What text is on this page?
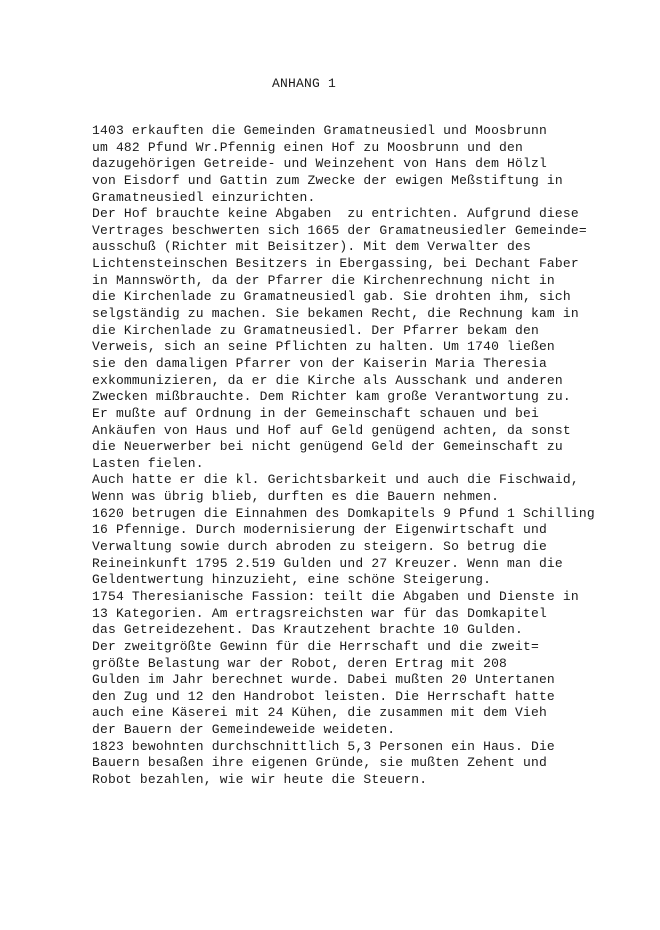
ANHANG 1
1403 erkauften die Gemeinden Gramatneusiedl und Moosbrunn
um 482 Pfund Wr.Pfennig einen Hof zu Moosbrunn und den
dazugehörigen Getreide- und Weinzehent von Hans dem Hölzl
von Eisdorf und Gattin zum Zwecke der ewigen Meßstiftung in
Gramatneusiedl einzurichten.
Der Hof brauchte keine Abgaben  zu entrichten. Aufgrund diese
Vertrages beschwerten sich 1665 der Gramatneusiedler Gemeinde=
ausschuß (Richter mit Beisitzer). Mit dem Verwalter des
Lichtensteinschen Besitzers in Ebergassing, bei Dechant Faber
in Mannswörth, da der Pfarrer die Kirchenrechnung nicht in
die Kirchenlade zu Gramatneusiedl gab. Sie drohten ihm, sich
selgständig zu machen. Sie bekamen Recht, die Rechnung kam in
die Kirchenlade zu Gramatneusiedl. Der Pfarrer bekam den
Verweis, sich an seine Pflichten zu halten. Um 1740 ließen
sie den damaligen Pfarrer von der Kaiserin Maria Theresia
exkommunizieren, da er die Kirche als Ausschank und anderen
Zwecken mißbrauchte. Dem Richter kam große Verantwortung zu.
Er mußte auf Ordnung in der Gemeinschaft schauen und bei
Ankäufen von Haus und Hof auf Geld genügend achten, da sonst
die Neuerwerber bei nicht genügend Geld der Gemeinschaft zu
Lasten fielen.
Auch hatte er die kl. Gerichtsbarkeit und auch die Fischwaid,
Wenn was übrig blieb, durften es die Bauern nehmen.
1620 betrugen die Einnahmen des Domkapitels 9 Pfund 1 Schilling
16 Pfennige. Durch modernisierung der Eigenwirtschaft und
Verwaltung sowie durch abroden zu steigern. So betrug die
Reineinkunft 1795 2.519 Gulden und 27 Kreuzer. Wenn man die
Geldentwertung hinzuzieht, eine schöne Steigerung.
1754 Theresianische Fassion: teilt die Abgaben und Dienste in
13 Kategorien. Am ertragsreichsten war für das Domkapitel
das Getreidezehent. Das Krautzehent brachte 10 Gulden.
Der zweitgrößte Gewinn für die Herrschaft und die zweit=
größte Belastung war der Robot, deren Ertrag mit 208
Gulden im Jahr berechnet wurde. Dabei mußten 20 Untertanen
den Zug und 12 den Handrobot leisten. Die Herrschaft hatte
auch eine Käserei mit 24 Kühen, die zusammen mit dem Vieh
der Bauern der Gemeindeweide weideten.
1823 bewohnten durchschnittlich 5,3 Personen ein Haus. Die
Bauern besaßen ihre eigenen Gründe, sie mußten Zehent und
Robot bezahlen, wie wir heute die Steuern.
